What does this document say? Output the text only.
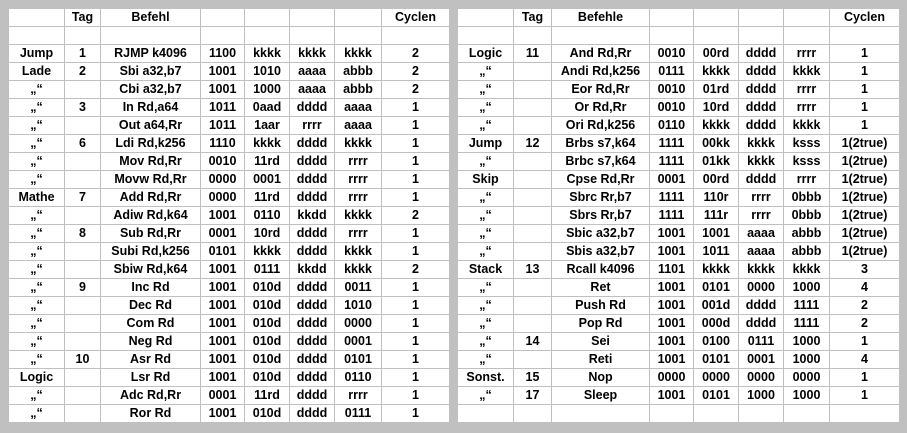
	Tag	Befehl					Cyclen

Jump	1	RJMP k4096	1100	kkkk	kkkk	kkkk	2
Lade	2	Sbi a32,b7	1001	1010	aaaa	abbb	2
„“		Cbi a32,b7	1001	1000	aaaa	abbb	2
„“	3	In Rd,a64	1011	0aad	dddd	aaaa	1
„“		Out a64,Rr	1011	1aar	rrrr	aaaa	1
„“	6	Ldi Rd,k256	1110	kkkk	dddd	kkkk	1
„“		Mov Rd,Rr	0010	11rd	dddd	rrrr	1
„“		Movw Rd,Rr	0000	0001	dddd	rrrr	1
Mathe	7	Add Rd,Rr	0000	11rd	dddd	rrrr	1
„“		Adiw Rd,k64	1001	0110	kkdd	kkkk	2
„“	8	Sub Rd,Rr	0001	10rd	dddd	rrrr	1
„“		Subi Rd,k256	0101	kkkk	dddd	kkkk	1
„“		Sbiw Rd,k64	1001	0111	kkdd	kkkk	2
„“	9	Inc Rd	1001	010d	dddd	0011	1
„“		Dec Rd	1001	010d	dddd	1010	1
„“		Com Rd	1001	010d	dddd	0000	1
„“		Neg Rd	1001	010d	dddd	0001	1
„“	10	Asr Rd	1001	010d	dddd	0101	1
Logic		Lsr Rd	1001	010d	dddd	0110	1
„“		Adc Rd,Rr	0001	11rd	dddd	rrrr	1
„“		Ror Rd	1001	010d	dddd	0111	1
	Tag	Befehle					Cyclen

Logic	11	And Rd,Rr	0010	00rd	dddd	rrrr	1
„“		Andi Rd,k256	0111	kkkk	dddd	kkkk	1
„“		Eor Rd,Rr	0010	01rd	dddd	rrrr	1
„“		Or Rd,Rr	0010	10rd	dddd	rrrr	1
„“		Ori Rd,k256	0110	kkkk	dddd	kkkk	1
Jump	12	Brbs s7,k64	1111	00kk	kkkk	ksss	1(2true)
„“		Brbc s7,k64	1111	01kk	kkkk	ksss	1(2true)
Skip		Cpse Rd,Rr	0001	00rd	dddd	rrrr	1(2true)
„“		Sbrc Rr,b7	1111	110r	rrrr	0bbb	1(2true)
„“		Sbrs Rr,b7	1111	111r	rrrr	0bbb	1(2true)
„“		Sbic a32,b7	1001	1001	aaaa	abbb	1(2true)
„“		Sbis a32,b7	1001	1011	aaaa	abbb	1(2true)
Stack	13	Rcall k4096	1101	kkkk	kkkk	kkkk	3
„“		Ret	1001	0101	0000	1000	4
„“		Push Rd	1001	001d	dddd	1111	2
„“		Pop Rd	1001	000d	dddd	1111	2
„“	14	Sei	1001	0100	0111	1000	1
„“		Reti	1001	0101	0001	1000	4
Sonst.	15	Nop	0000	0000	0000	0000	1
„“	17	Sleep	1001	0101	1000	1000	1
